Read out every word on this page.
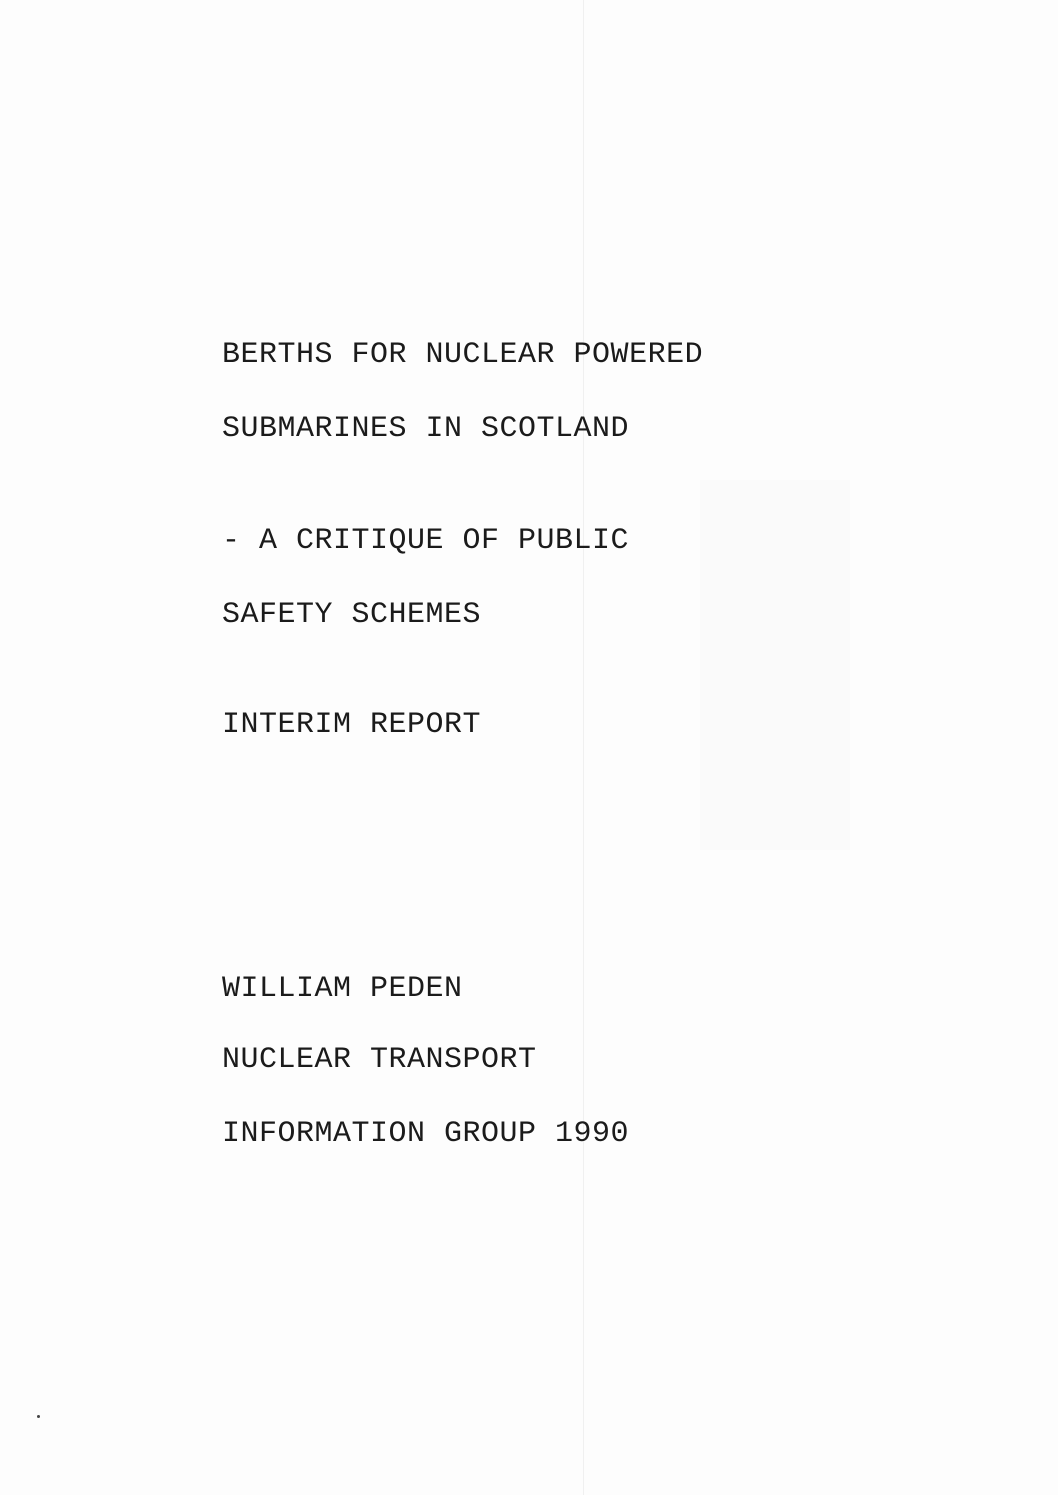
BERTHS FOR NUCLEAR POWERED

SUBMARINES IN SCOTLAND

- A CRITIQUE OF PUBLIC

SAFETY SCHEMES

INTERIM REPORT

WILLIAM PEDEN

NUCLEAR TRANSPORT

INFORMATION GROUP 1990
